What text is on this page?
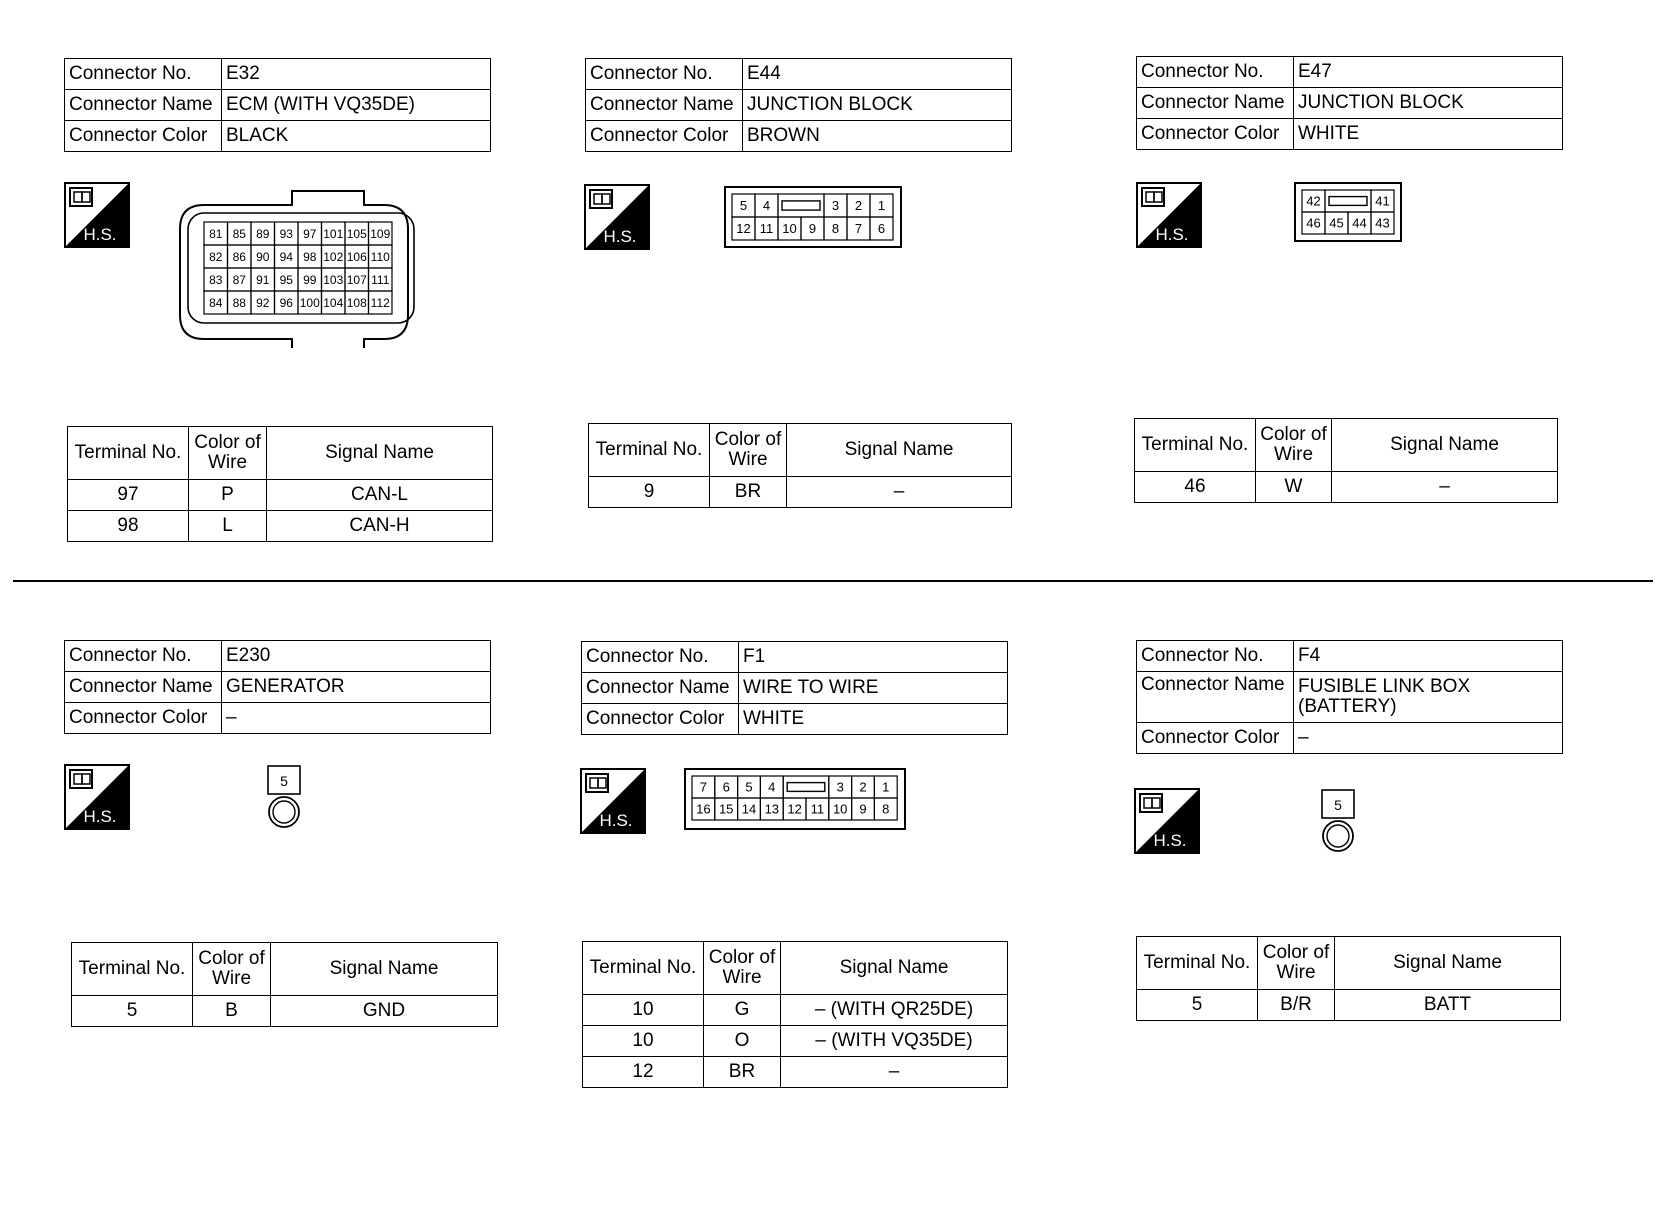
Connector No.	E32
Connector Name	ECM (WITH VQ35DE)
Connector Color	BLACK
H.S.	81 85 89 93 97 101 105 109
82 86 90 94 98 102 106 110
83 87 91 95 99 103 107 111
84 88 92 96 100 104 108 112
Terminal No.	Color of Wire	Signal Name
97	P	CAN-L
98	L	CAN-H
Connector No.	E44
Connector Name	JUNCTION BLOCK
Connector Color	BROWN
H.S.
5 4	3 2 1
12 11 10 9 8 7 6
Terminal No.	Color of Wire	Signal Name
9	BR	–
Connector No.	E47
Connector Name	JUNCTION BLOCK
Connector Color	WHITE
H.S.
42	41
46 45 44 43
Terminal No.	Color of Wire	Signal Name
46	W	–
Connector No.	E230
Connector Name	GENERATOR
Connector Color	–
H.S.
5
Terminal No.	Color of Wire	Signal Name
5	B	GND
Connector No.	F1
Connector Name	WIRE TO WIRE
Connector Color	WHITE
H.S.
7 6 5 4	3 2 1
16 15 14 13 12 11 10 9 8
Terminal No.	Color of Wire	Signal Name
10	G	– (WITH QR25DE)
10	O	– (WITH VQ35DE)
12	BR	–
Connector No.	F4
Connector Name	FUSIBLE LINK BOX (BATTERY)
Connector Color	–
H.S.
5
Terminal No.	Color of Wire	Signal Name
5	B/R	BATT
